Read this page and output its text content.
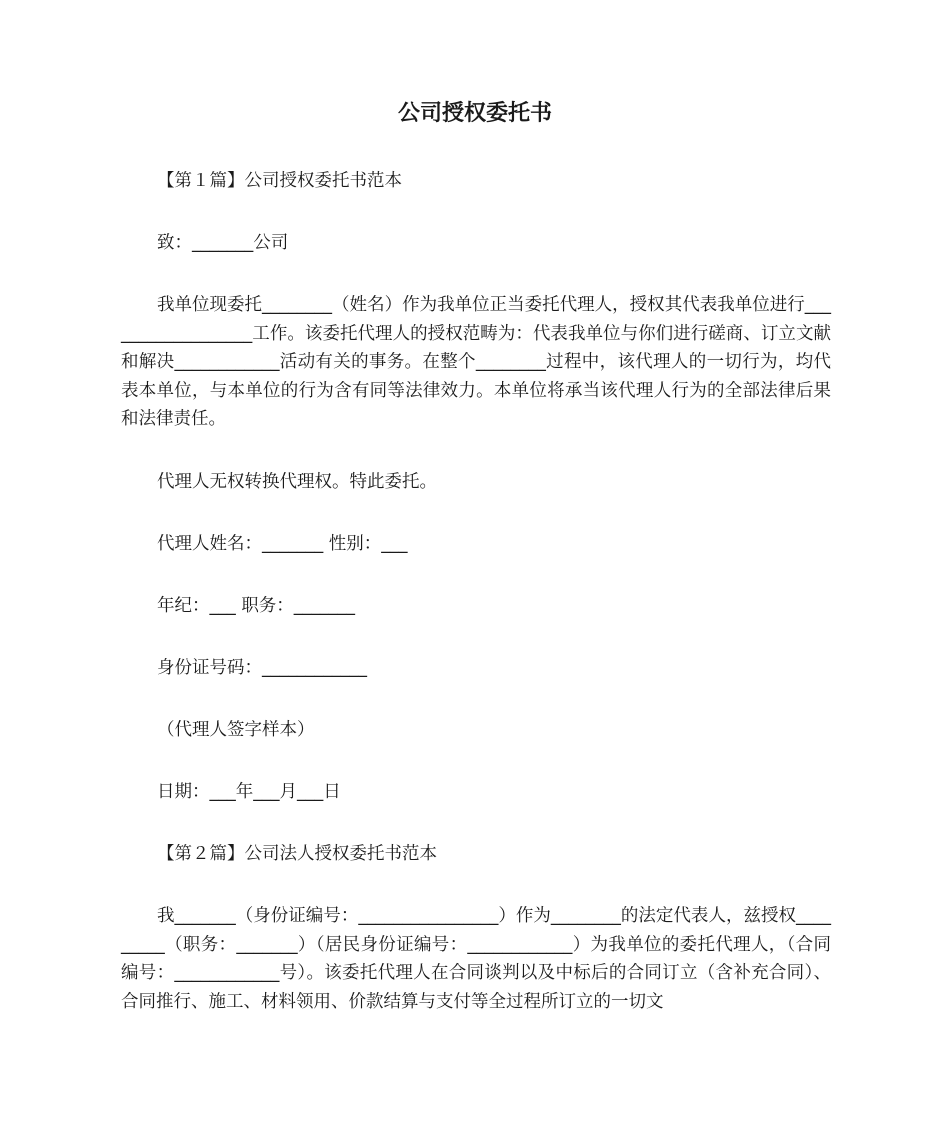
公司授权委托书

【第１篇】公司授权委托书范本

致：_______公司

我单位现委托________（姓名）作为我单位正当委托代理人，授权其代表我单位进行__________________工作。该委托代理人的授权范畴为：代表我单位与你们进行磋商、订立文献和解决____________活动有关的事务。在整个________过程中，该代理人的一切行为，均代表本单位，与本单位的行为含有同等法律效力。本单位将承当该代理人行为的全部法律后果和法律责任。

代理人无权转换代理权。特此委托。

代理人姓名：_______ 性别：___

年纪：___ 职务：_______

身份证号码：____________

（代理人签字样本）

日期：___年___月___日

【第２篇】公司法人授权委托书范本

我_______（身份证编号：________________）作为________的法定代表人，兹授权_________（职务：_______）（居民身份证编号：____________）为我单位的委托代理人，（合同编号：____________号）。该委托代理人在合同谈判以及中标后的合同订立（含补充合同）、合同推行、施工、材料领用、价款结算与支付等全过程所订立的一切文
